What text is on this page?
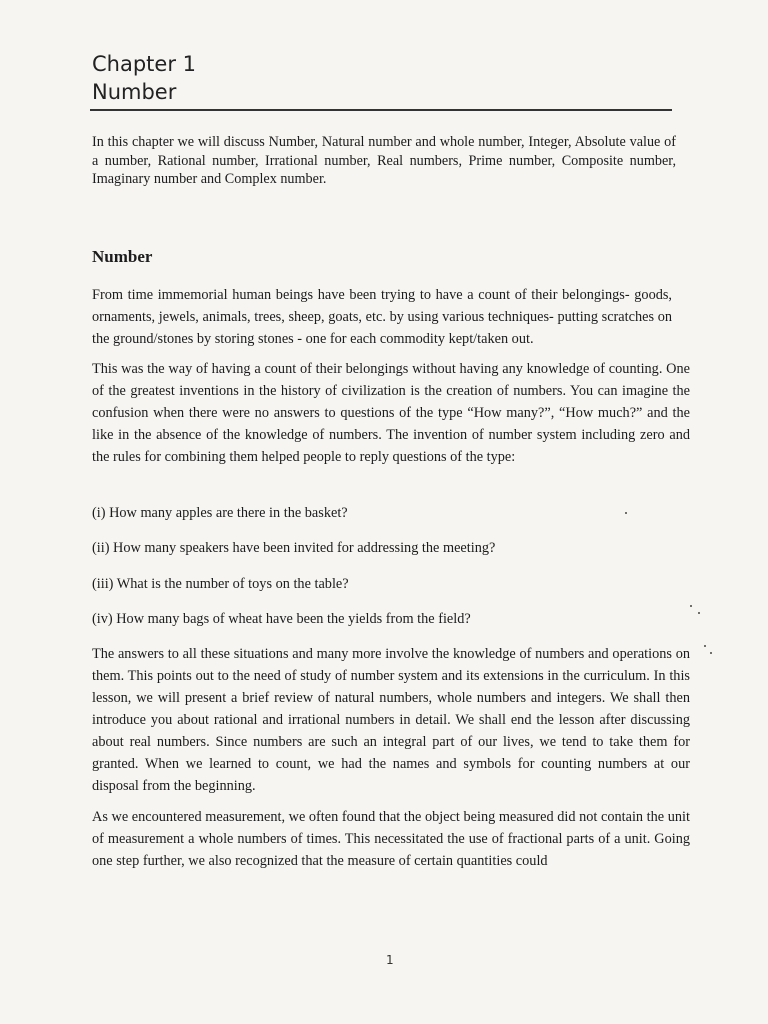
Chapter 1
Number
In this chapter we will discuss Number, Natural number and whole number, Integer, Absolute value of a number, Rational number, Irrational number, Real numbers, Prime number, Composite number, Imaginary number and Complex number.
Number

From time immemorial human beings have been trying to have a count of their belongings- goods, ornaments, jewels, animals, trees, sheep, goats, etc. by using various techniques- putting scratches on the ground/stones by storing stones - one for each commodity kept/taken out.

This was the way of having a count of their belongings without having any knowledge of counting. One of the greatest inventions in the history of civilization is the creation of numbers. You can imagine the confusion when there were no answers to questions of the type “How many?”, “How much?” and the like in the absence of the knowledge of numbers. The invention of number system including zero and the rules for combining them helped people to reply questions of the type:

(i) How many apples are there in the basket?
(ii) How many speakers have been invited for addressing the meeting?
(iii) What is the number of toys on the table?
(iv) How many bags of wheat have been the yields from the field?

The answers to all these situations and many more involve the knowledge of numbers and operations on them. This points out to the need of study of number system and its extensions in the curriculum. In this lesson, we will present a brief review of natural numbers, whole numbers and integers. We shall then introduce you about rational and irrational numbers in detail. We shall end the lesson after discussing about real numbers. Since numbers are such an integral part of our lives, we tend to take them for granted. When we learned to count, we had the names and symbols for counting numbers at our disposal from the beginning.

As we encountered measurement, we often found that the object being measured did not contain the unit of measurement a whole numbers of times. This necessitated the use of fractional parts of a unit. Going one step further, we also recognized that the measure of certain quantities could

1
